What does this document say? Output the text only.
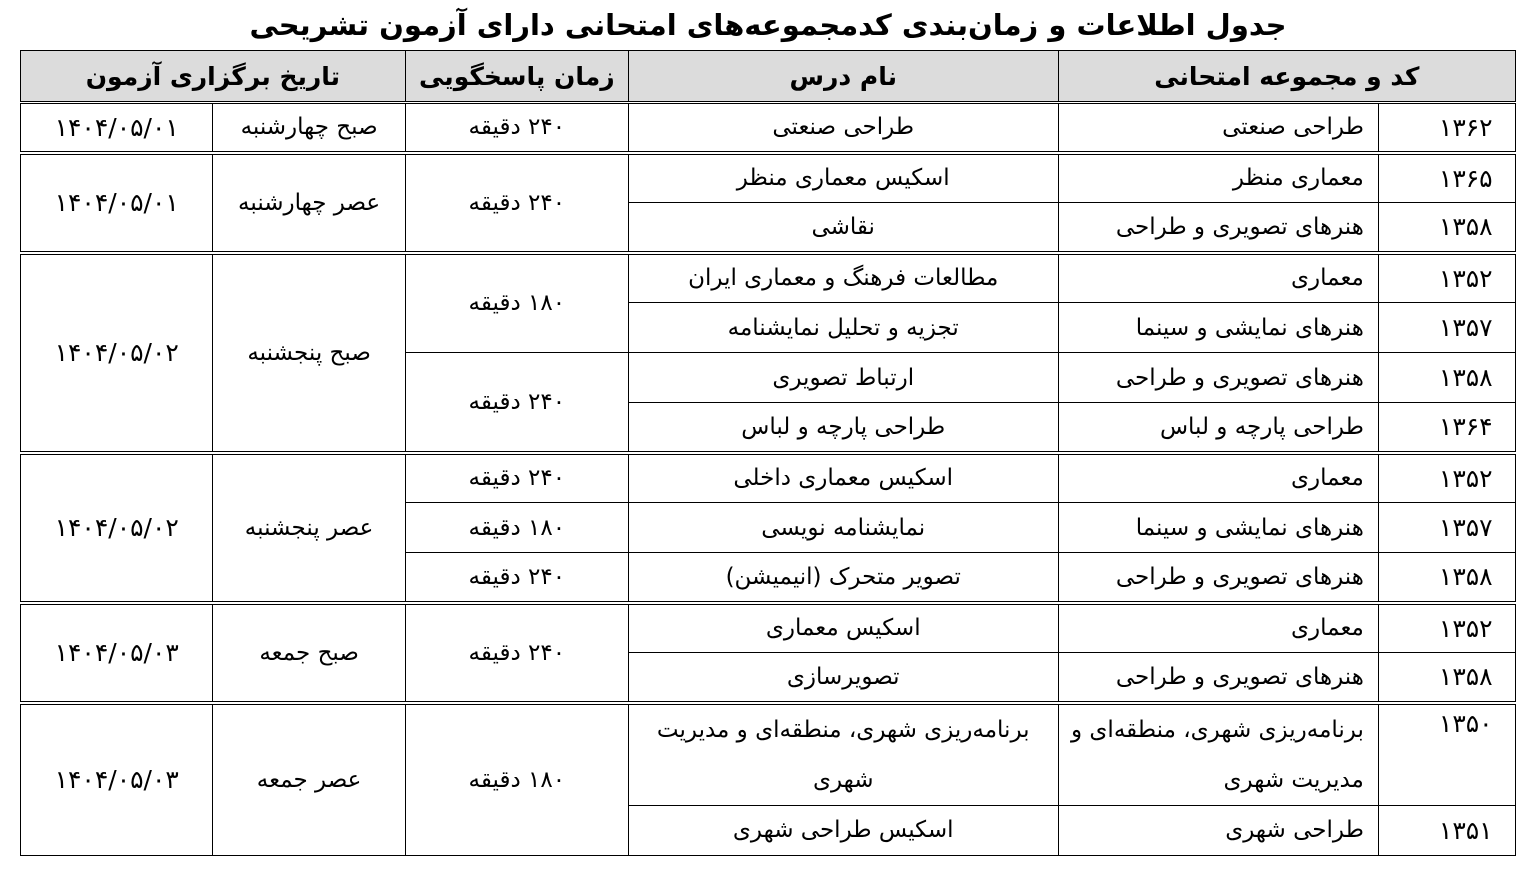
جدول اطلاعات و زمان‌بندی کدمجموعه‌های امتحانی دارای آزمون تشریحی
کد و مجموعه امتحانی		نام درس	زمان پاسخگویی	تاریخ برگزاری آزمون	
۱۳۶۲	طراحی صنعتی	طراحی صنعتی	۲۴۰ دقیقه	صبح چهارشنبه	۱۴۰۴/۰۵/۰۱
۱۳۶۵	معماری منظر	اسکیس معماری منظر	۲۴۰ دقیقه	عصر چهارشنبه	۱۴۰۴/۰۵/۰۱
۱۳۵۸	هنرهای تصویری و طراحی	نقاشی			
۱۳۵۲	معماری	مطالعات فرهنگ و معماری ایران	۱۸۰ دقیقه	صبح پنجشنبه	۱۴۰۴/۰۵/۰۲
۱۳۵۷	هنرهای نمایشی و سینما	تجزیه و تحلیل نمایشنامه			
۱۳۵۸	هنرهای تصویری و طراحی	ارتباط تصویری	۲۴۰ دقیقه		
۱۳۶۴	طراحی پارچه و لباس	طراحی پارچه و لباس			
۱۳۵۲	معماری	اسکیس معماری داخلی	۲۴۰ دقیقه	عصر پنجشنبه	۱۴۰۴/۰۵/۰۲
۱۳۵۷	هنرهای نمایشی و سینما	نمایشنامه نویسی	۱۸۰ دقیقه		
۱۳۵۸	هنرهای تصویری و طراحی	تصویر متحرک (انیمیشن)	۲۴۰ دقیقه		
۱۳۵۲	معماری	اسکیس معماری	۲۴۰ دقیقه	صبح جمعه	۱۴۰۴/۰۵/۰۳
۱۳۵۸	هنرهای تصویری و طراحی	تصویرسازی			
۱۳۵۰	برنامه‌ریزی شهری، منطقه‌ای و مدیریت شهری	برنامه‌ریزی شهری، منطقه‌ای و مدیریت شهری	۱۸۰ دقیقه	عصر جمعه	۱۴۰۴/۰۵/۰۳
۱۳۵۱	طراحی شهری	اسکیس طراحی شهری			
